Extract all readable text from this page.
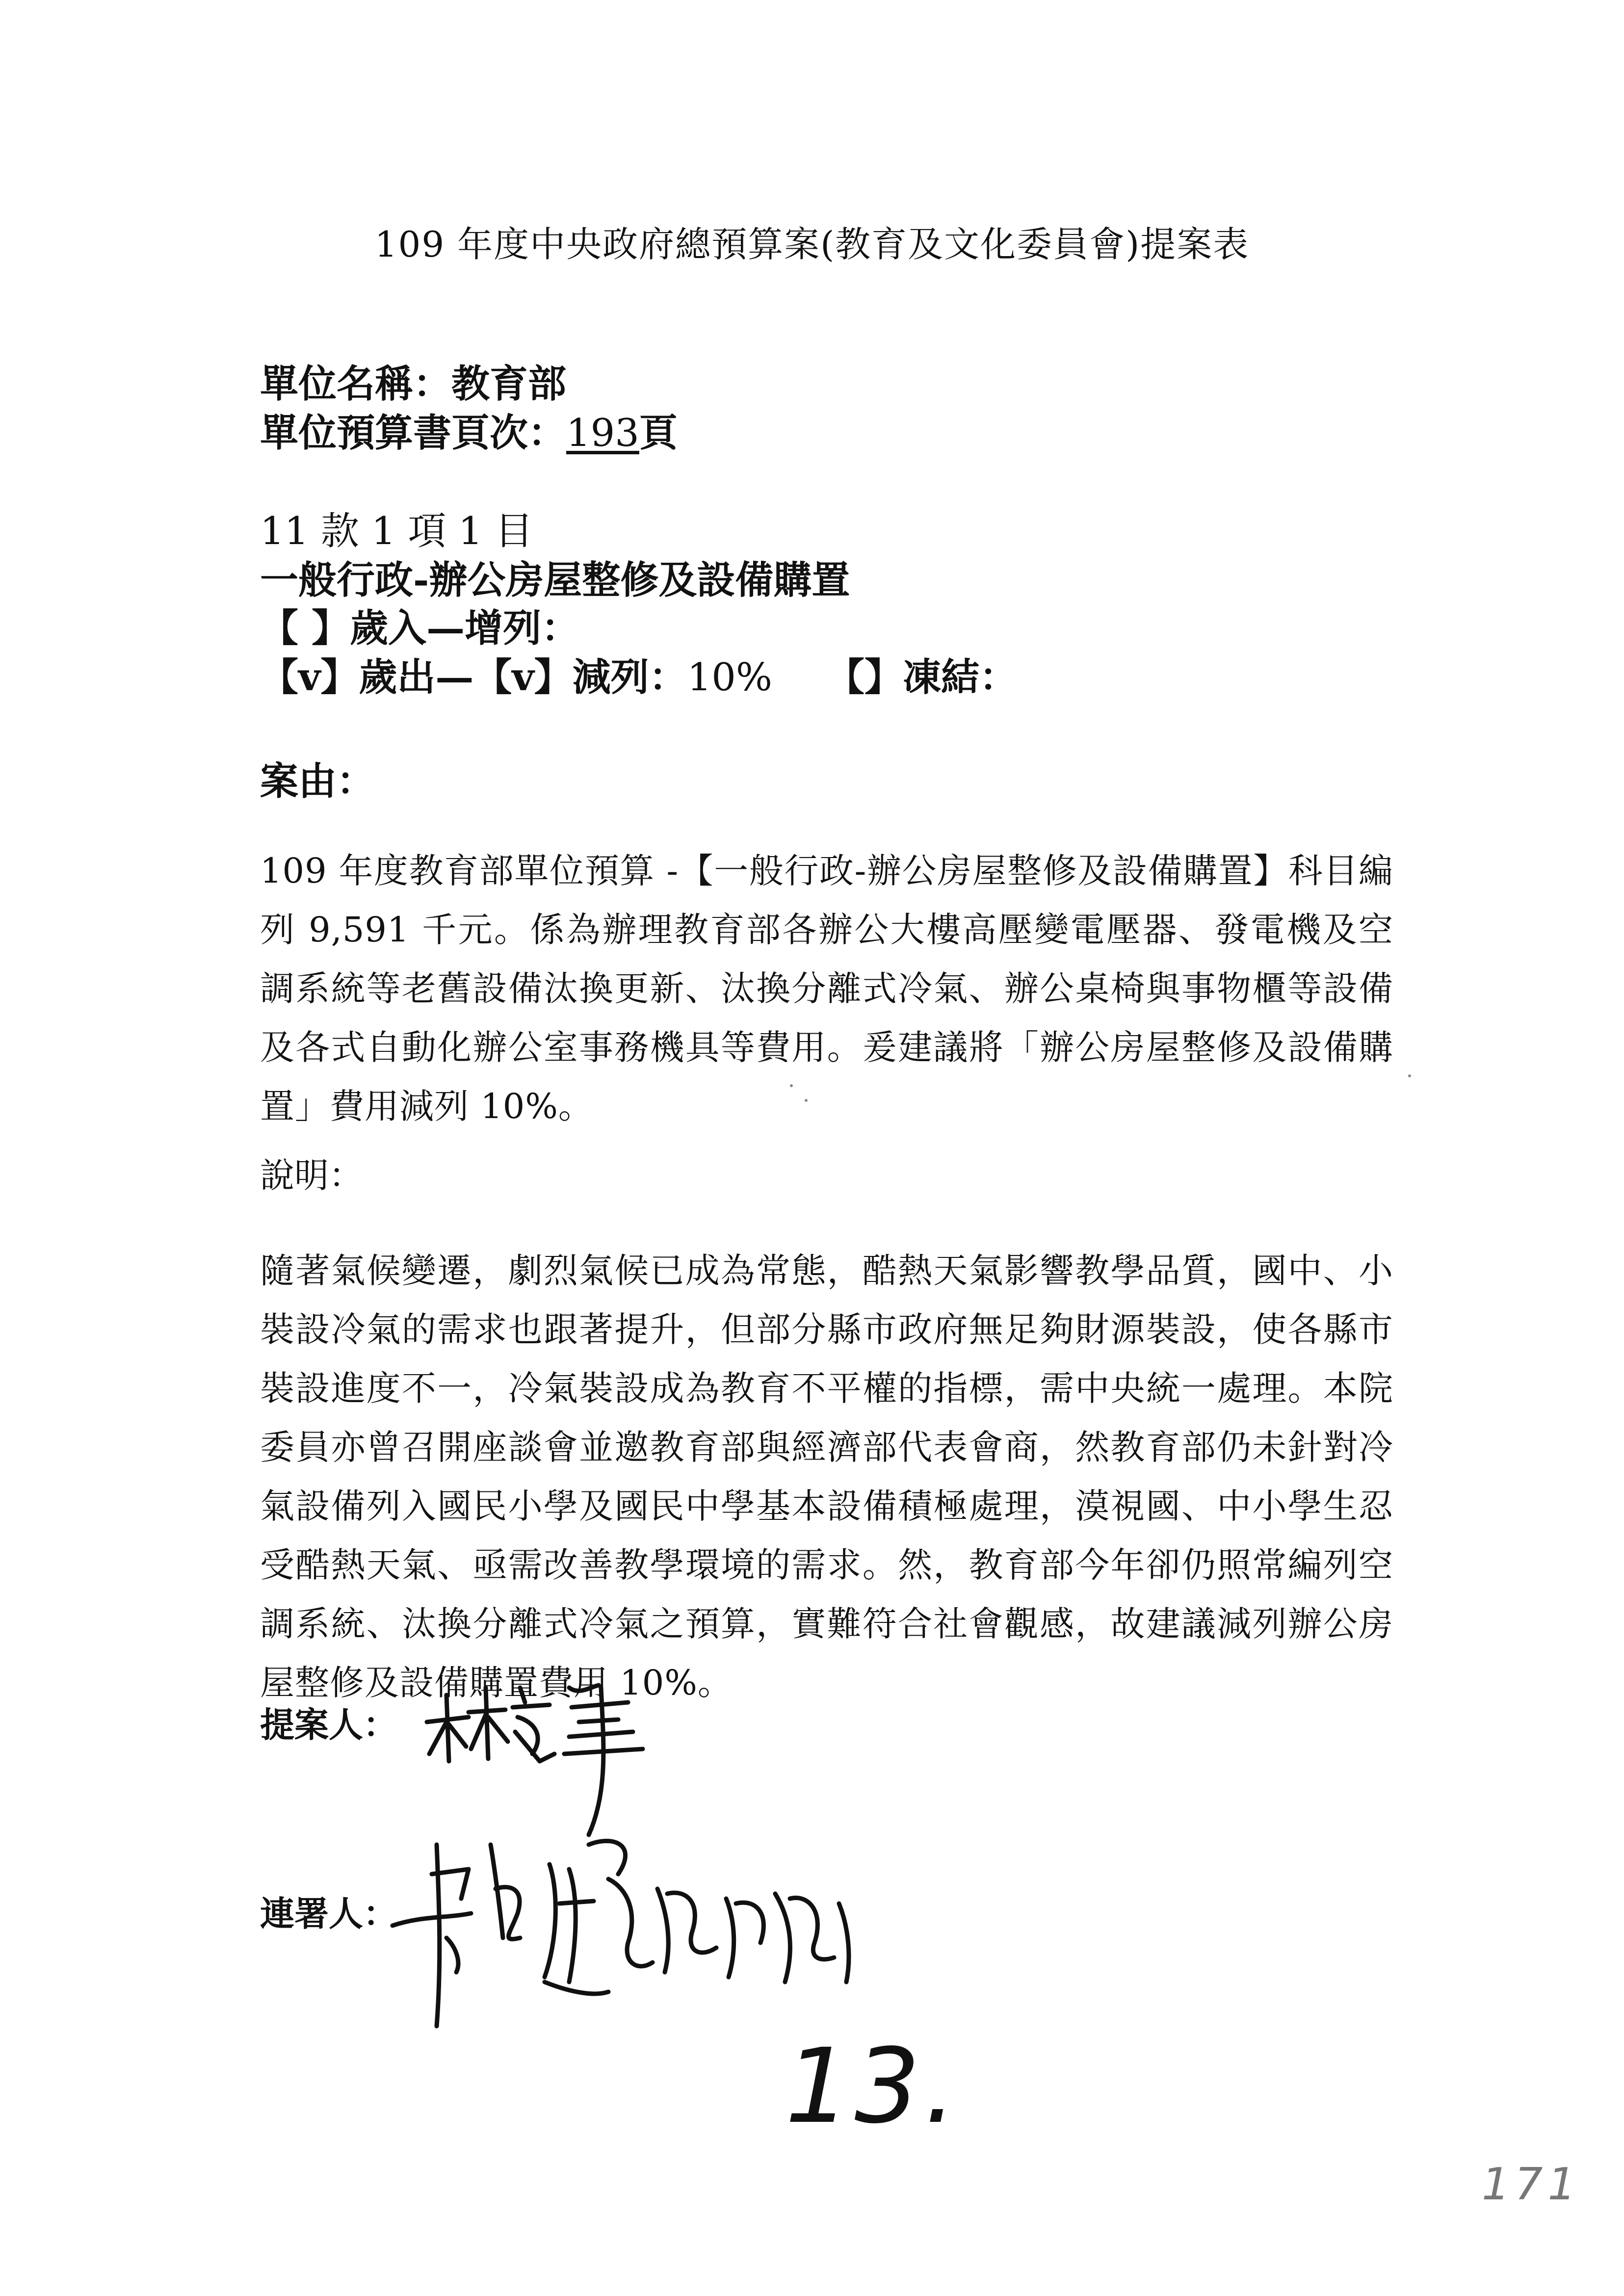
109 年度中央政府總預算案(教育及文化委員會)提案表
單位名稱：教育部
單位預算書頁次：193頁
11 款 1 項 1 目
一般行政-辦公房屋整修及設備購置
【 】歲入—增列：
【v】歲出—【v】減列：10% 【】凍結：
案由：
109 年度教育部單位預算 -【一般行政-辦公房屋整修及設備購置】科目編列 9,591 千元。係為辦理教育部各辦公大樓高壓變電壓器、發電機及空調系統等老舊設備汰換更新、汰換分離式冷氣、辦公桌椅與事物櫃等設備及各式自動化辦公室事務機具等費用。爰建議將「辦公房屋整修及設備購置」費用減列 10%。
說明：
隨著氣候變遷，劇烈氣候已成為常態，酷熱天氣影響教學品質，國中、小裝設冷氣的需求也跟著提升，但部分縣市政府無足夠財源裝設，使各縣市裝設進度不一，冷氣裝設成為教育不平權的指標，需中央統一處理。本院委員亦曾召開座談會並邀教育部與經濟部代表會商，然教育部仍未針對冷氣設備列入國民小學及國民中學基本設備積極處理，漠視國、中小學生忍受酷熱天氣、亟需改善教學環境的需求。然，教育部今年卻仍照常編列空調系統、汰換分離式冷氣之預算，實難符合社會觀感，故建議減列辦公房屋整修及設備購置費用 10%。
提案人：
連署人：
13.
171
